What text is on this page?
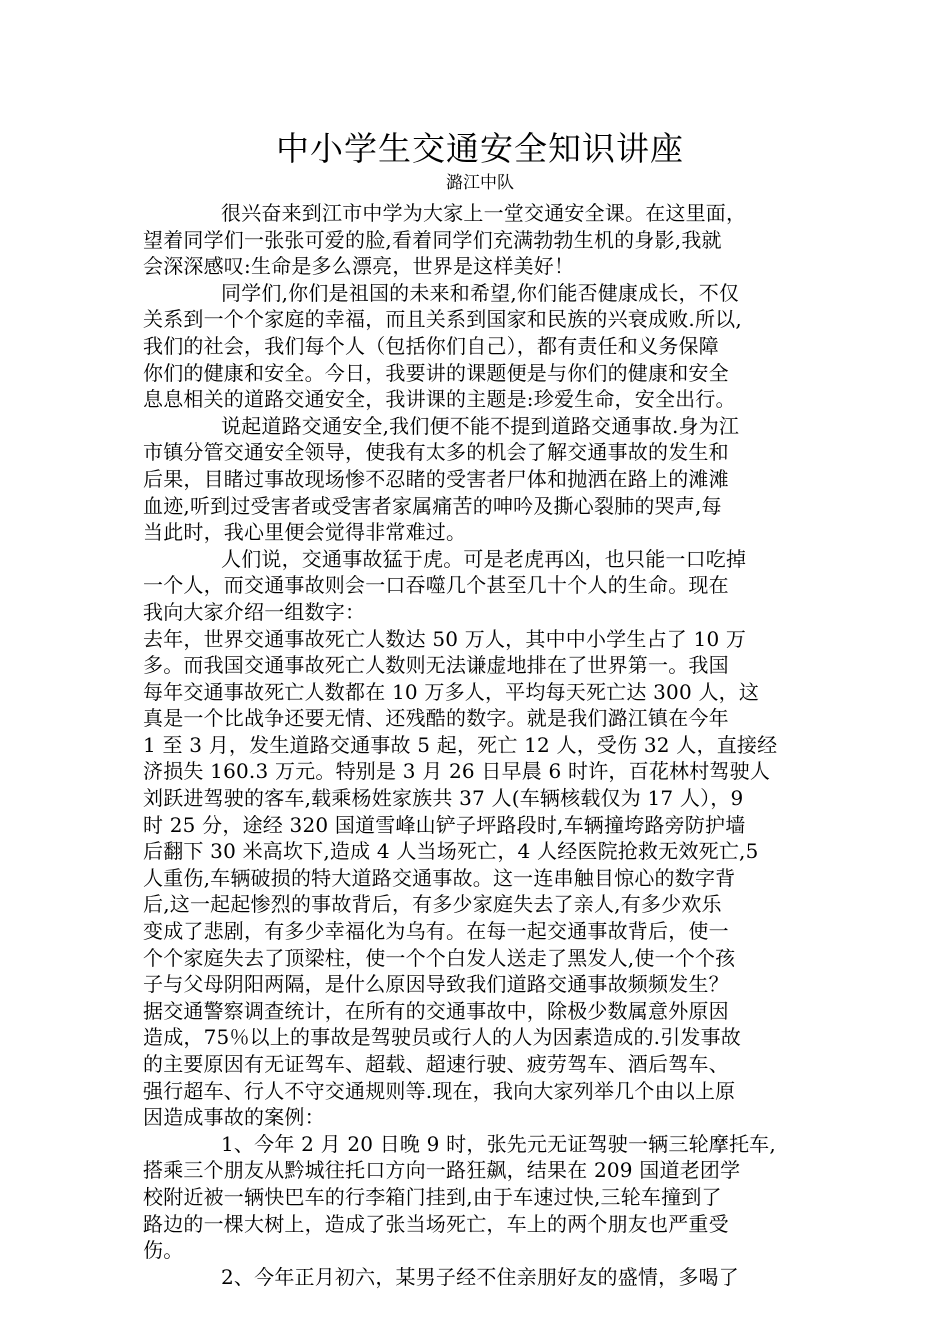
中小学生交通安全知识讲座
潞江中队
很兴奋来到江市中学为大家上一堂交通安全课。在这里面，
望着同学们一张张可爱的脸,看着同学们充满勃勃生机的身影,我就
会深深感叹:生命是多么漂亮，世界是这样美好！
同学们,你们是祖国的未来和希望,你们能否健康成长，不仅
关系到一个个家庭的幸福，而且关系到国家和民族的兴衰成败.所以,
我们的社会，我们每个人（包括你们自己），都有责任和义务保障
你们的健康和安全。今日，我要讲的课题便是与你们的健康和安全
息息相关的道路交通安全，我讲课的主题是:珍爱生命，安全出行。
说起道路交通安全,我们便不能不提到道路交通事故.身为江
市镇分管交通安全领导，使我有太多的机会了解交通事故的发生和
后果，目睹过事故现场惨不忍睹的受害者尸体和抛洒在路上的滩滩
血迹,听到过受害者或受害者家属痛苦的呻吟及撕心裂肺的哭声,每
当此时，我心里便会觉得非常难过。
人们说，交通事故猛于虎。可是老虎再凶，也只能一口吃掉
一个人，而交通事故则会一口吞噬几个甚至几十个人的生命。现在
我向大家介绍一组数字：
去年，世界交通事故死亡人数达 50 万人，其中中小学生占了 10 万
多。而我国交通事故死亡人数则无法谦虚地排在了世界第一。我国
每年交通事故死亡人数都在 10 万多人，平均每天死亡达 300 人，这
真是一个比战争还要无情、还残酷的数字。就是我们潞江镇在今年
1 至 3 月，发生道路交通事故 5 起，死亡 12 人，受伤 32 人，直接经
济损失 160.3 万元。特别是 3 月 26 日早晨 6 时许，百花林村驾驶人
刘跃进驾驶的客车,载乘杨姓家族共 37 人(车辆核载仅为 17 人），9
时 25 分，途经 320 国道雪峰山铲子坪路段时,车辆撞垮路旁防护墙
后翻下 30 米高坎下,造成 4 人当场死亡，4 人经医院抢救无效死亡,5
人重伤,车辆破损的特大道路交通事故。这一连串触目惊心的数字背
后,这一起起惨烈的事故背后，有多少家庭失去了亲人,有多少欢乐
变成了悲剧，有多少幸福化为乌有。在每一起交通事故背后，使一
个个家庭失去了顶梁柱，使一个个白发人送走了黑发人,使一个个孩
子与父母阴阳两隔，是什么原因导致我们道路交通事故频频发生？
据交通警察调查统计，在所有的交通事故中，除极少数属意外原因
造成，75％以上的事故是驾驶员或行人的人为因素造成的.引发事故
的主要原因有无证驾车、超载、超速行驶、疲劳驾车、酒后驾车、
强行超车、行人不守交通规则等.现在，我向大家列举几个由以上原
因造成事故的案例：
1、今年 2 月 20 日晚 9 时，张先元无证驾驶一辆三轮摩托车,
搭乘三个朋友从黔城往托口方向一路狂飙，结果在 209 国道老团学
校附近被一辆快巴车的行李箱门挂到,由于车速过快,三轮车撞到了
路边的一棵大树上，造成了张当场死亡，车上的两个朋友也严重受
伤。
2、今年正月初六，某男子经不住亲朋好友的盛情，多喝了
